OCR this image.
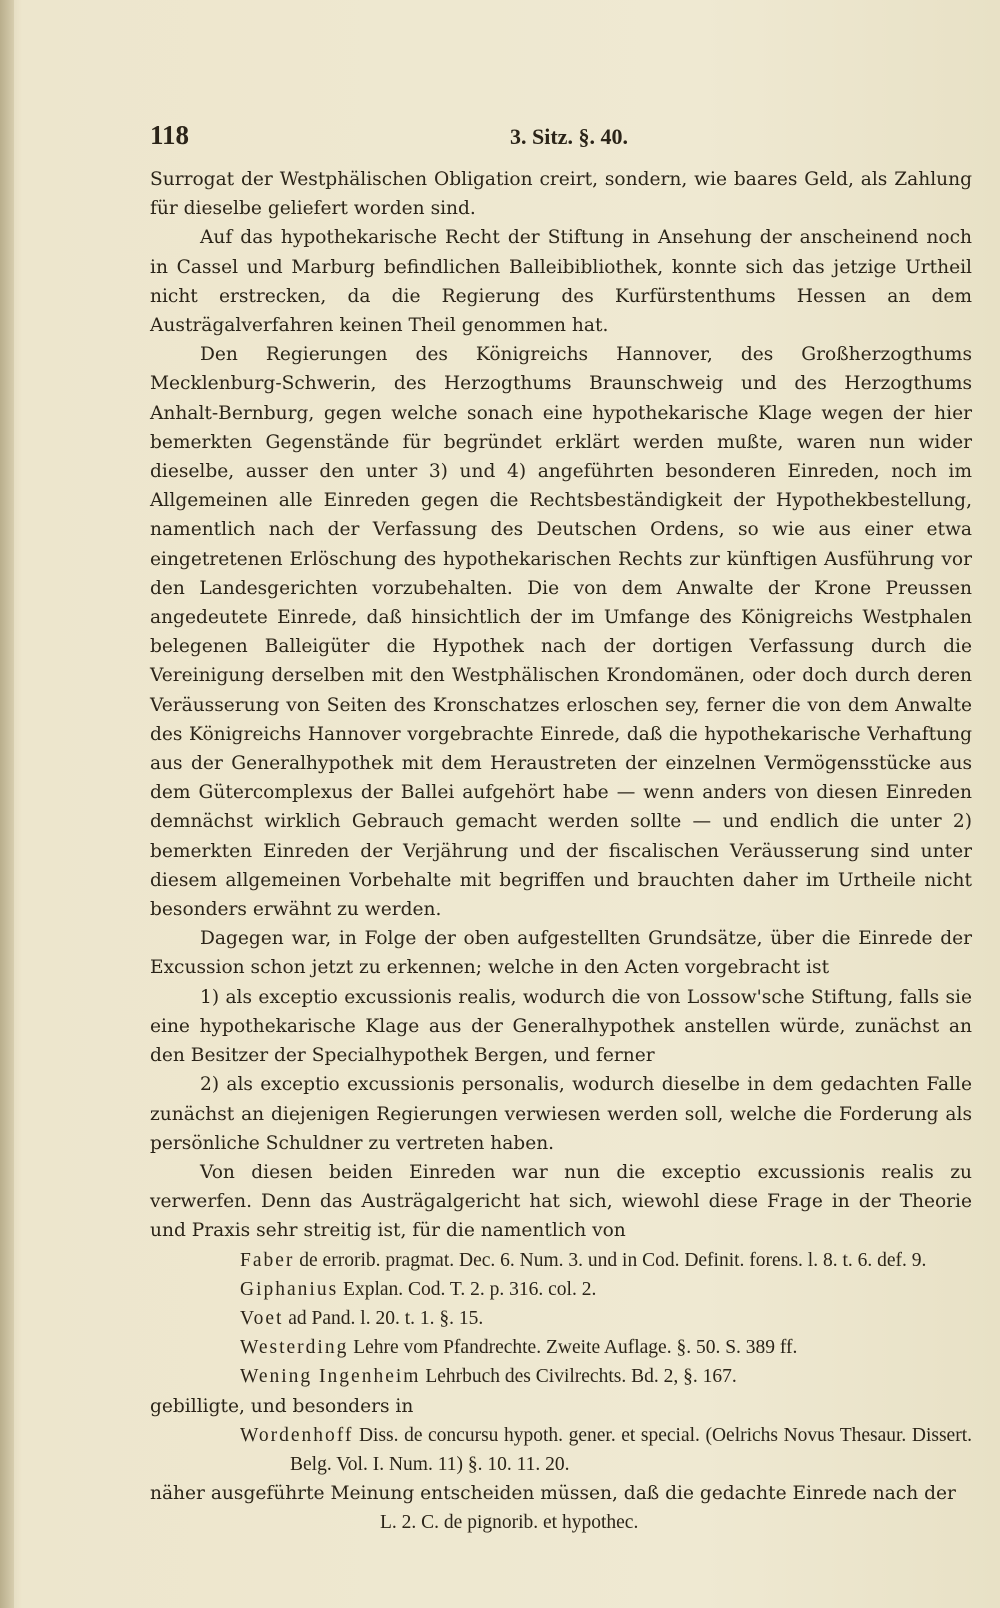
118	3. Sitz. §. 40.

Surrogat der Westphälischen Obligation creirt, sondern, wie baares Geld, als Zahlung für dieselbe geliefert worden sind.

Auf das hypothekarische Recht der Stiftung in Ansehung der anscheinend noch in Cassel und Marburg befindlichen Balleibibliothek, konnte sich das jetzige Urtheil nicht erstrecken, da die Regierung des Kurfürstenthums Hessen an dem Austrägalverfahren keinen Theil genommen hat.

Den Regierungen des Königreichs Hannover, des Großherzogthums Mecklenburg-Schwerin, des Herzogthums Braunschweig und des Herzogthums Anhalt-Bernburg, gegen welche sonach eine hypothekarische Klage wegen der hier bemerkten Gegenstände für begründet erklärt werden mußte, waren nun wider dieselbe, ausser den unter 3) und 4) angeführten besonderen Einreden, noch im Allgemeinen alle Einreden gegen die Rechtsbeständigkeit der Hypothekbestellung, namentlich nach der Verfassung des Deutschen Ordens, so wie aus einer etwa eingetretenen Erlöschung des hypothekarischen Rechts zur künftigen Ausführung vor den Landesgerichten vorzubehalten. Die von dem Anwalte der Krone Preussen angedeutete Einrede, daß hinsichtlich der im Umfange des Königreichs Westphalen belegenen Balleigüter die Hypothek nach der dortigen Verfassung durch die Vereinigung derselben mit den Westphälischen Krondomänen, oder doch durch deren Veräusserung von Seiten des Kronschatzes erloschen sey, ferner die von dem Anwalte des Königreichs Hannover vorgebrachte Einrede, daß die hypothekarische Verhaftung aus der Generalhypothek mit dem Heraustreten der einzelnen Vermögensstücke aus dem Gütercomplexus der Ballei aufgehört habe — wenn anders von diesen Einreden demnächst wirklich Gebrauch gemacht werden sollte — und endlich die unter 2) bemerkten Einreden der Verjährung und der fiscalischen Veräusserung sind unter diesem allgemeinen Vorbehalte mit begriffen und brauchten daher im Urtheile nicht besonders erwähnt zu werden.

Dagegen war, in Folge der oben aufgestellten Grundsätze, über die Einrede der Excussion schon jetzt zu erkennen; welche in den Acten vorgebracht ist

1) als exceptio excussionis realis, wodurch die von Lossow'sche Stiftung, falls sie eine hypothekarische Klage aus der Generalhypothek anstellen würde, zunächst an den Besitzer der Specialhypothek Bergen, und ferner

2) als exceptio excussionis personalis, wodurch dieselbe in dem gedachten Falle zunächst an diejenigen Regierungen verwiesen werden soll, welche die Forderung als persönliche Schuldner zu vertreten haben.

Von diesen beiden Einreden war nun die exceptio excussionis realis zu verwerfen. Denn das Austrägalgericht hat sich, wiewohl diese Frage in der Theorie und Praxis sehr streitig ist, für die namentlich von

Faber de errorib. pragmat. Dec. 6. Num. 3. und in Cod. Definit. forens. l. 8. t. 6. def. 9.

Giphanius Explan. Cod. T. 2. p. 316. col. 2.

Voet ad Pand. l. 20. t. 1. §. 15.

Westerding Lehre vom Pfandrechte. Zweite Auflage. §. 50. S. 389 ff.

Wening Ingenheim Lehrbuch des Civilrechts. Bd. 2, §. 167.

gebilligte, und besonders in

Wordenhoff Diss. de concursu hypoth. gener. et special. (Oelrichs Novus Thesaur. Dissert. Belg. Vol. I. Num. 11) §. 10. 11. 20.

näher ausgeführte Meinung entscheiden müssen, daß die gedachte Einrede nach der

L. 2. C. de pignorib. et hypothec.
